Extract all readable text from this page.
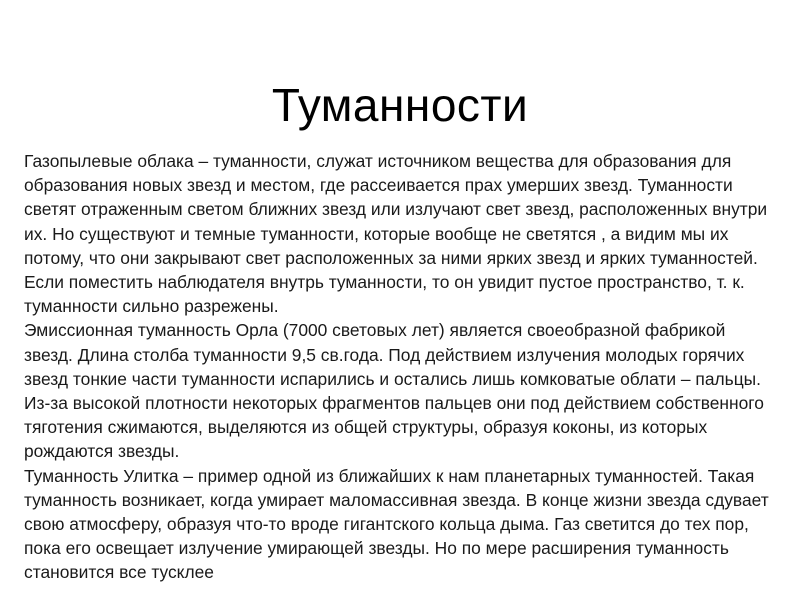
Туманности

Газопылевые облака – туманности, служат источником вещества для образования для образования новых звезд и местом, где рассеивается прах умерших звезд. Туманности светят отраженным светом ближних звезд или излучают свет звезд, расположенных внутри их. Но существуют и темные туманности, которые вообще не светятся , а видим мы их потому, что они закрывают свет расположенных за ними ярких звезд и ярких туманностей. Если поместить наблюдателя внутрь туманности, то он увидит пустое пространство, т. к. туманности сильно разрежены.

Эмиссионная туманность Орла (7000 световых лет) является своеобразной фабрикой звезд. Длина столба туманности 9,5 св.года. Под действием излучения молодых горячих звезд тонкие части туманности испарились и остались лишь комковатые облати – пальцы. Из-за высокой плотности некоторых фрагментов пальцев они под действием собственного тяготения сжимаются, выделяются из общей структуры, образуя коконы, из которых рождаются звезды.

Туманность Улитка – пример одной из ближайших к нам планетарных туманностей. Такая туманность возникает, когда умирает маломассивная звезда. В конце жизни звезда сдувает свою атмосферу, образуя что-то вроде гигантского кольца дыма. Газ светится до тех пор, пока его освещает излучение умирающей звезды. Но по мере расширения туманность становится все тусклее
